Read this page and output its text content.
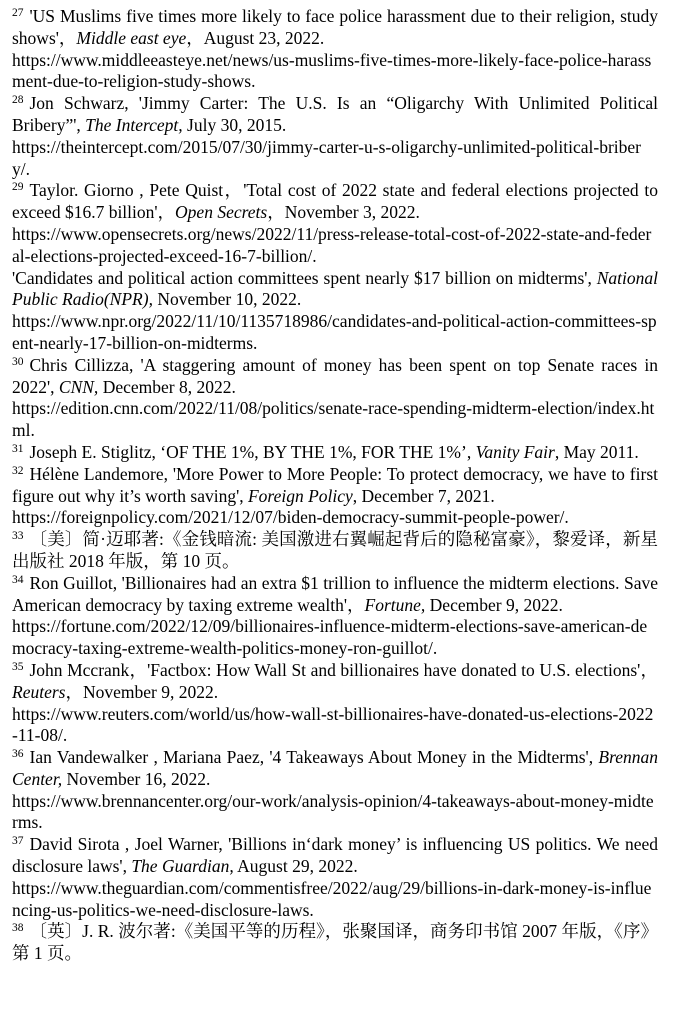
$^{27}$ 'US Muslims five times more likely to face police harassment due to their religion, study shows'，Middle east eye，August 23, 2022.
https://www.middleeasteye.net/news/us-muslims-five-times-more-likely-face-police-harassment-due-to-religion-study-shows.
$^{28}$ Jon Schwarz, 'Jimmy Carter: The U.S. Is an “Oligarchy With Unlimited Political Bribery”', The Intercept, July 30, 2015.
https://theintercept.com/2015/07/30/jimmy-carter-u-s-oligarchy-unlimited-political-bribery/.
$^{29}$ Taylor. Giorno , Pete Quist，'Total cost of 2022 state and federal elections projected to exceed $16.7 billion'，Open Secrets，November 3, 2022.
https://www.opensecrets.org/news/2022/11/press-release-total-cost-of-2022-state-and-federal-elections-projected-exceed-16-7-billion/.
'Candidates and political action committees spent nearly $17 billion on midterms', National Public Radio(NPR), November 10, 2022.
https://www.npr.org/2022/11/10/1135718986/candidates-and-political-action-committees-spent-nearly-17-billion-on-midterms.
$^{30}$ Chris Cillizza, 'A staggering amount of money has been spent on top Senate races in 2022', CNN, December 8, 2022.
https://edition.cnn.com/2022/11/08/politics/senate-race-spending-midterm-election/index.html.
$^{31}$ Joseph E. Stiglitz, ‘OF THE 1%, BY THE 1%, FOR THE 1%’, Vanity Fair, May 2011.
$^{32}$ Hélène Landemore, 'More Power to More People: To protect democracy, we have to first figure out why it’s worth saving', Foreign Policy, December 7, 2021.
https://foreignpolicy.com/2021/12/07/biden-democracy-summit-people-power/.
$^{33}$ 〔美〕简·迈耶著:《金钱暗流: 美国激进右翼崛起背后的隐秘富豪》，黎爱译，新星出版社 2018 年版，第 10 页。
$^{34}$ Ron Guillot, 'Billionaires had an extra $1 trillion to influence the midterm elections. Save American democracy by taxing extreme wealth'，Fortune, December 9, 2022.
https://fortune.com/2022/12/09/billionaires-influence-midterm-elections-save-american-democracy-taxing-extreme-wealth-politics-money-ron-guillot/.
$^{35}$ John Mccrank，'Factbox: How Wall St and billionaires have donated to U.S. elections'，Reuters，November 9, 2022.
https://www.reuters.com/world/us/how-wall-st-billionaires-have-donated-us-elections-2022-11-08/.
$^{36}$ Ian Vandewalker , Mariana Paez, '4 Takeaways About Money in the Midterms', Brennan Center, November 16, 2022.
https://www.brennancenter.org/our-work/analysis-opinion/4-takeaways-about-money-midterms.
$^{37}$ David Sirota , Joel Warner, 'Billions in‘dark money’ is influencing US politics. We need disclosure laws', The Guardian, August 29, 2022.
https://www.theguardian.com/commentisfree/2022/aug/29/billions-in-dark-money-is-influencing-us-politics-we-need-disclosure-laws.
$^{38}$ 〔英〕J. R. 波尔著:《美国平等的历程》，张聚国译，商务印书馆 2007 年版，《序》第 1 页。
